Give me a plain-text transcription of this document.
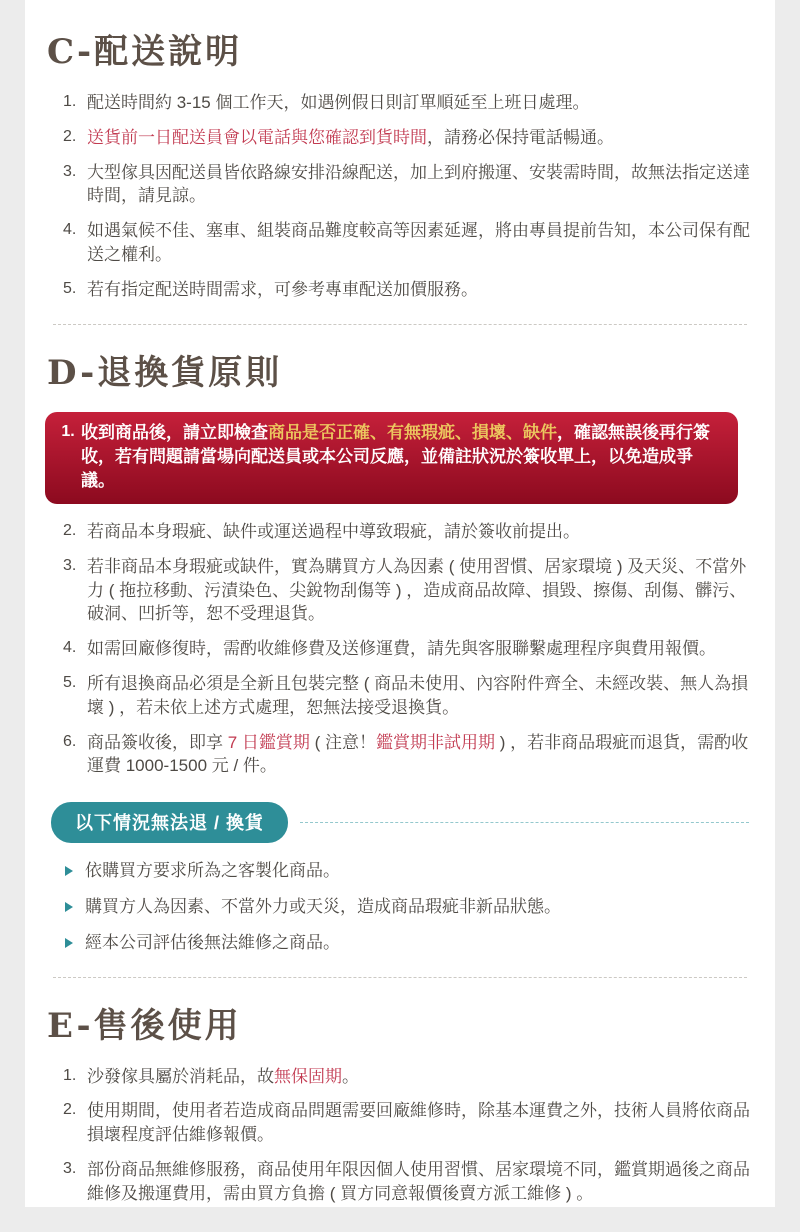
C-配送說明
1. 配送時間約 3-15 個工作天，如遇例假日則訂單順延至上班日處理。
2. 送貨前一日配送員會以電話與您確認到貨時間，請務必保持電話暢通。
3. 大型傢具因配送員皆依路線安排沿線配送，加上到府搬運、安裝需時間，故無法指定送達時間，請見諒。
4. 如遇氣候不佳、塞車、組裝商品難度較高等因素延遲，將由專員提前告知，本公司保有配送之權利。
5. 若有指定配送時間需求，可參考專車配送加價服務。
D-退換貨原則
1. 收到商品後，請立即檢查商品是否正確、有無瑕疵、損壞、缺件，確認無誤後再行簽收，若有問題請當場向配送員或本公司反應，並備註狀況於簽收單上，以免造成爭議。
2. 若商品本身瑕疵、缺件或運送過程中導致瑕疵，請於簽收前提出。
3. 若非商品本身瑕疵或缺件，實為購買方人為因素 ( 使用習慣、居家環境 ) 及天災、不當外力 ( 拖拉移動、污漬染色、尖銳物刮傷等 ) ，造成商品故障、損毀、擦傷、刮傷、髒污、破洞、凹折等，恕不受理退貨。
4. 如需回廠修復時，需酌收維修費及送修運費，請先與客服聯繫處理程序與費用報價。
5. 所有退換商品必須是全新且包裝完整 ( 商品未使用、內容附件齊全、未經改裝、無人為損壞 ) ，若未依上述方式處理，恕無法接受退換貨。
6. 商品簽收後，即享 7 日鑑賞期 ( 注意！鑑賞期非試用期 ) ，若非商品瑕疵而退貨，需酌收運費 1000-1500 元 / 件。
以下情況無法退 / 換貨
依購買方要求所為之客製化商品。
購買方人為因素、不當外力或天災，造成商品瑕疵非新品狀態。
經本公司評估後無法維修之商品。
E-售後使用
1. 沙發傢具屬於消耗品，故無保固期。
2. 使用期間，使用者若造成商品問題需要回廠維修時，除基本運費之外，技術人員將依商品損壞程度評估維修報價。
3. 部份商品無維修服務，商品使用年限因個人使用習慣、居家環境不同，鑑賞期過後之商品維修及搬運費用，需由買方負擔 ( 買方同意報價後賣方派工維修 ) 。
